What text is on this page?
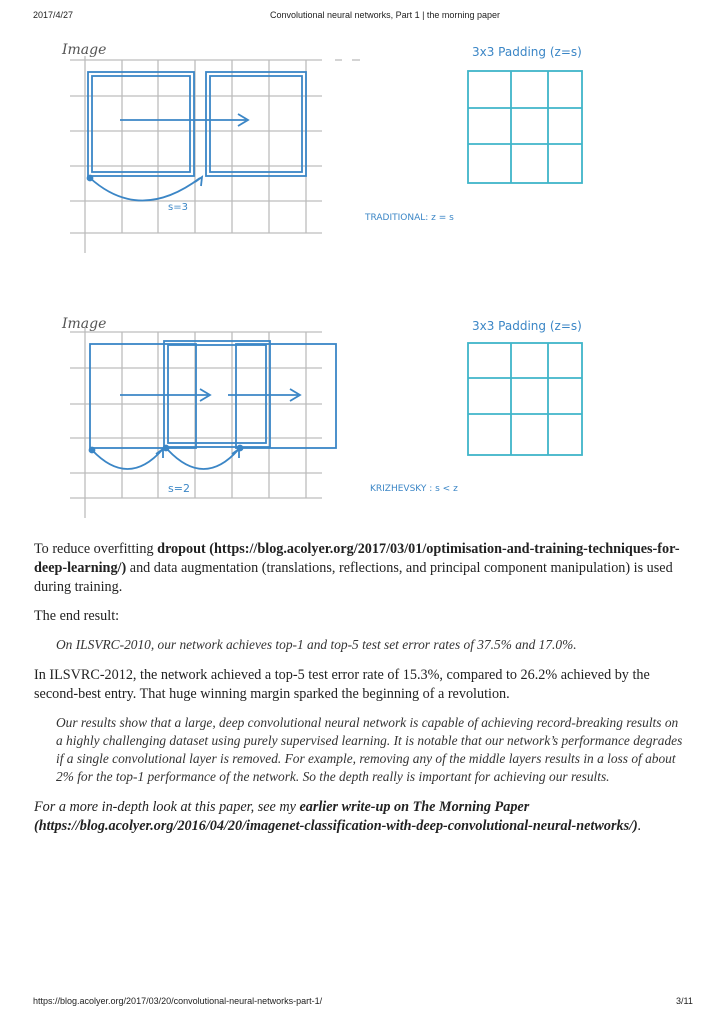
2017/4/27	Convolutional neural networks, Part 1 | the morning paper
Image	3x3 Padding (z=s)
s=3
TRADITIONAL: z = s
Image	3x3 Padding (z=s)
s=2	KRIZHEVSKY : s < z

To reduce overfitting dropout (https://blog.acolyer.org/2017/03/01/optimisation-and-training-techniques-for-deep-learning/) and data augmentation (translations, reflections, and principal component manipulation) is used during training.

The end result:

On ILSVRC-2010, our network achieves top-1 and top-5 test set error rates of 37.5% and 17.0%.

In ILSVRC-2012, the network achieved a top-5 test error rate of 15.3%, compared to 26.2% achieved by the second-best entry. That huge winning margin sparked the beginning of a revolution.

Our results show that a large, deep convolutional neural network is capable of achieving record-breaking results on a highly challenging dataset using purely supervised learning. It is notable that our network’s performance degrades if a single convolutional layer is removed. For example, removing any of the middle layers results in a loss of about 2% for the top-1 performance of the network. So the depth really is important for achieving our results.

For a more in-depth look at this paper, see my earlier write-up on The Morning Paper (https://blog.acolyer.org/2016/04/20/imagenet-classification-with-deep-convolutional-neural-networks/).

https://blog.acolyer.org/2017/03/20/convolutional-neural-networks-part-1/	3/11
